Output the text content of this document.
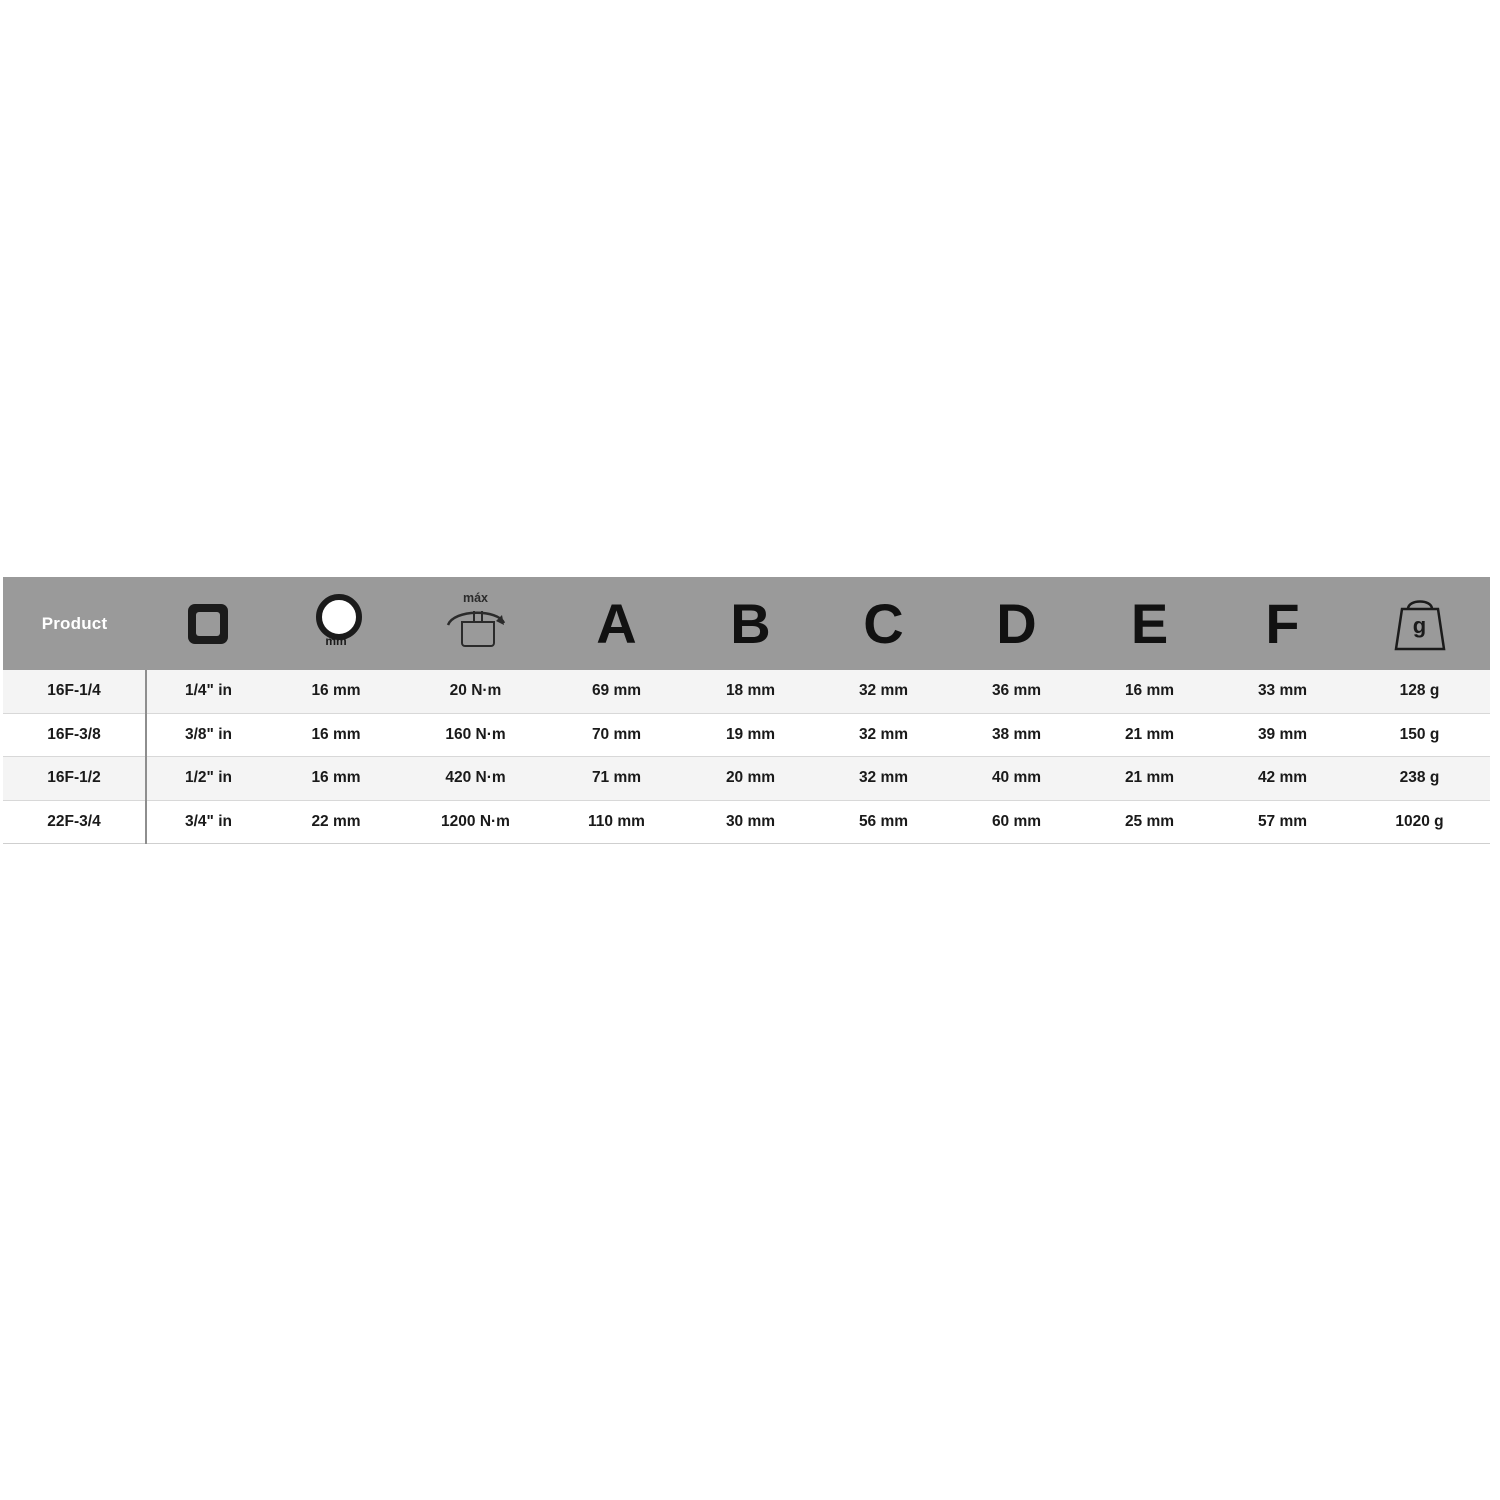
Product		mm	máx	A	B	C	D	E	F	g

16F-1/4	1/4" in	16 mm	20 N·m	69 mm	18 mm	32 mm	36 mm	16 mm	33 mm	128 g
16F-3/8	3/8" in	16 mm	160 N·m	70 mm	19 mm	32 mm	38 mm	21 mm	39 mm	150 g
16F-1/2	1/2" in	16 mm	420 N·m	71 mm	20 mm	32 mm	40 mm	21 mm	42 mm	238 g
22F-3/4	3/4" in	22 mm	1200 N·m	110 mm	30 mm	56 mm	60 mm	25 mm	57 mm	1020 g
